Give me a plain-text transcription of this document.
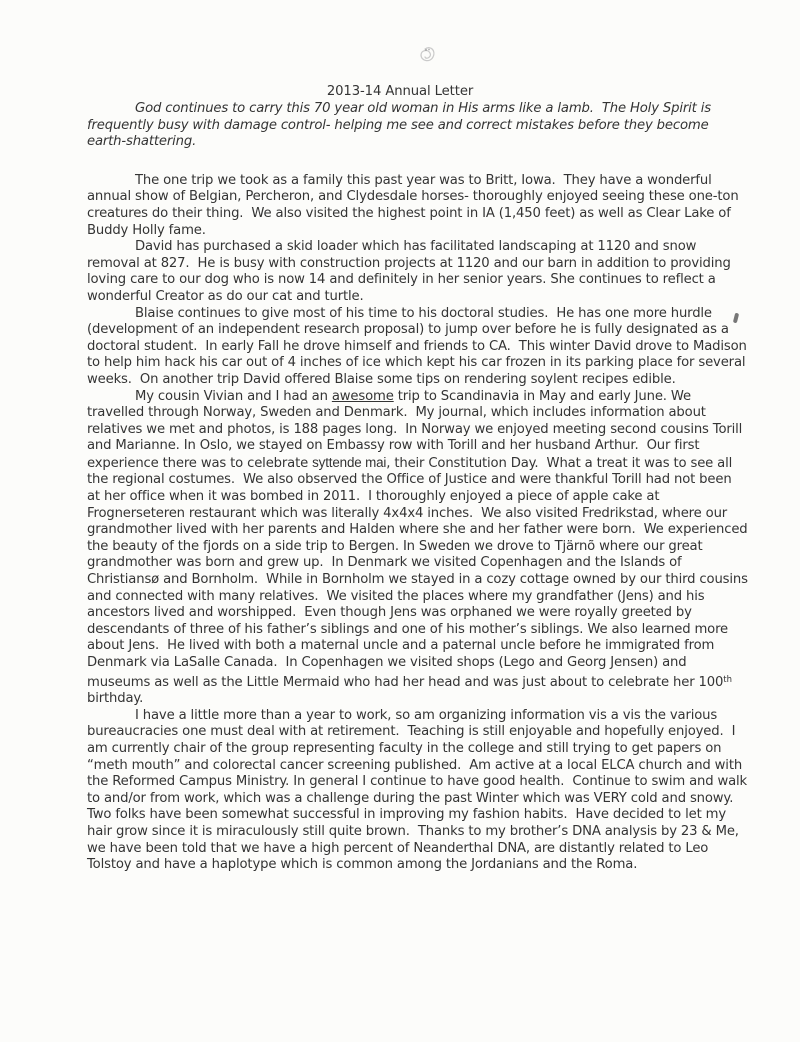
2013-14 Annual Letter

God continues to carry this 70 year old woman in His arms like a lamb.  The Holy Spirit is frequently busy with damage control- helping me see and correct mistakes before they become earth-shattering.

The one trip we took as a family this past year was to Britt, Iowa.  They have a wonderful annual show of Belgian, Percheron, and Clydesdale horses- thoroughly enjoyed seeing these one-ton creatures do their thing.  We also visited the highest point in IA (1,450 feet) as well as Clear Lake of Buddy Holly fame.

David has purchased a skid loader which has facilitated landscaping at 1120 and snow removal at 827.  He is busy with construction projects at 1120 and our barn in addition to providing loving care to our dog who is now 14 and definitely in her senior years. She continues to reflect a wonderful Creator as do our cat and turtle.

Blaise continues to give most of his time to his doctoral studies.  He has one more hurdle (development of an independent research proposal) to jump over before he is fully designated as a doctoral student.  In early Fall he drove himself and friends to CA.  This winter David drove to Madison to help him hack his car out of 4 inches of ice which kept his car frozen in its parking place for several weeks.  On another trip David offered Blaise some tips on rendering soylent recipes edible.

My cousin Vivian and I had an awesome trip to Scandinavia in May and early June. We travelled through Norway, Sweden and Denmark.  My journal, which includes information about relatives we met and photos, is 188 pages long.  In Norway we enjoyed meeting second cousins Torill and Marianne. In Oslo, we stayed on Embassy row with Torill and her husband Arthur.  Our first experience there was to celebrate syttende mai, their Constitution Day.  What a treat it was to see all the regional costumes.  We also observed the Office of Justice and were thankful Torill had not been at her office when it was bombed in 2011.  I thoroughly enjoyed a piece of apple cake at Frognerseteren restaurant which was literally 4x4x4 inches.  We also visited Fredrikstad, where our grandmother lived with her parents and Halden where she and her father were born.  We experienced the beauty of the fjords on a side trip to Bergen. In Sweden we drove to Tjärnõ where our great grandmother was born and grew up.  In Denmark we visited Copenhagen and the Islands of Christiansø and Bornholm.  While in Bornholm we stayed in a cozy cottage owned by our third cousins and connected with many relatives.  We visited the places where my grandfather (Jens) and his ancestors lived and worshipped.  Even though Jens was orphaned we were royally greeted by descendants of three of his father’s siblings and one of his mother’s siblings. We also learned more about Jens.  He lived with both a maternal uncle and a paternal uncle before he immigrated from Denmark via LaSalle Canada.  In Copenhagen we visited shops (Lego and Georg Jensen) and museums as well as the Little Mermaid who had her head and was just about to celebrate her 100th birthday.

I have a little more than a year to work, so am organizing information vis a vis the various bureaucracies one must deal with at retirement.  Teaching is still enjoyable and hopefully enjoyed.  I am currently chair of the group representing faculty in the college and still trying to get papers on “meth mouth” and colorectal cancer screening published.  Am active at a local ELCA church and with the Reformed Campus Ministry. In general I continue to have good health.  Continue to swim and walk to and/or from work, which was a challenge during the past Winter which was VERY cold and snowy.  Two folks have been somewhat successful in improving my fashion habits.  Have decided to let my hair grow since it is miraculously still quite brown.  Thanks to my brother’s DNA analysis by 23 & Me, we have been told that we have a high percent of Neanderthal DNA, are distantly related to Leo Tolstoy and have a haplotype which is common among the Jordanians and the Roma.
